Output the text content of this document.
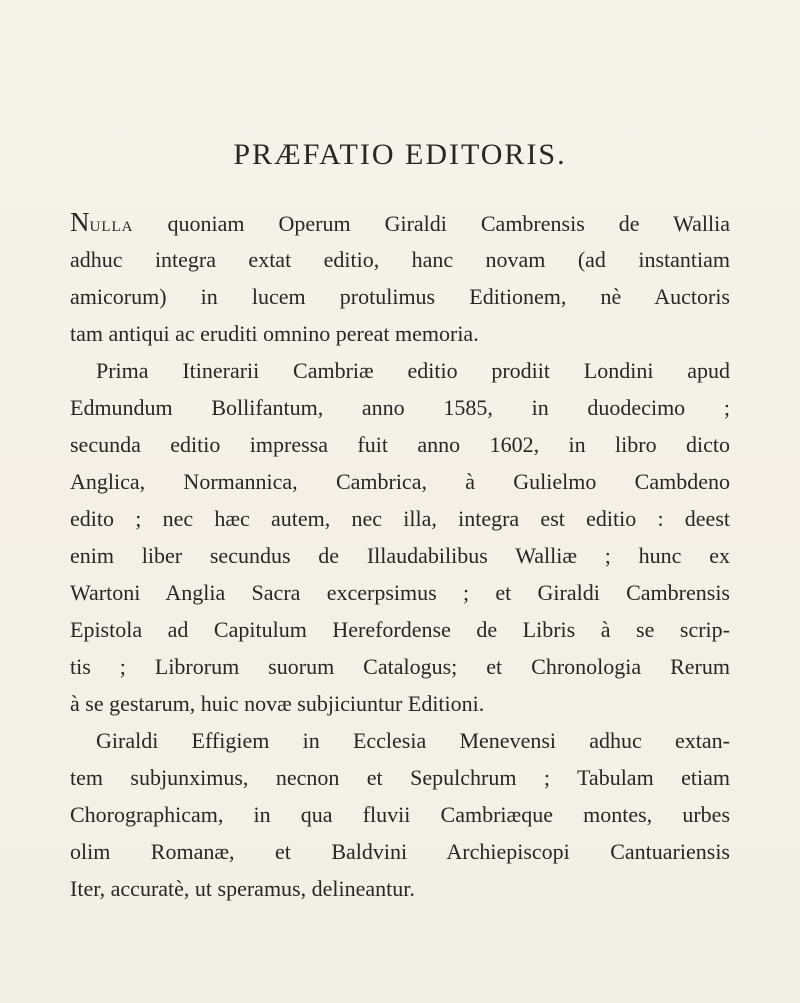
PRÆFATIO EDITORIS.
Nulla quoniam Operum Giraldi Cambrensis de Wallia
adhuc integra extat editio, hanc novam (ad instantiam
amicorum) in lucem protulimus Editionem, nè Auctoris
tam antiqui ac eruditi omnino pereat memoria.
Prima Itinerarii Cambriæ editio prodiit Londini apud
Edmundum Bollifantum, anno 1585, in duodecimo ;
secunda editio impressa fuit anno 1602, in libro dicto
Anglica, Normannica, Cambrica, à Gulielmo Cambdeno
edito ; nec hæc autem, nec illa, integra est editio : deest
enim liber secundus de Illaudabilibus Walliæ ; hunc ex
Wartoni Anglia Sacra excerpsimus ; et Giraldi Cambrensis
Epistola ad Capitulum Herefordense de Libris à se scrip-
tis ; Librorum suorum Catalogus; et Chronologia Rerum
à se gestarum, huic novæ subjiciuntur Editioni.
Giraldi Effigiem in Ecclesia Menevensi adhuc extan-
tem subjunximus, necnon et Sepulchrum ; Tabulam etiam
Chorographicam, in qua fluvii Cambriæque montes, urbes
olim Romanæ, et Baldvini Archiepiscopi Cantuariensis
Iter, accuratè, ut speramus, delineantur.
